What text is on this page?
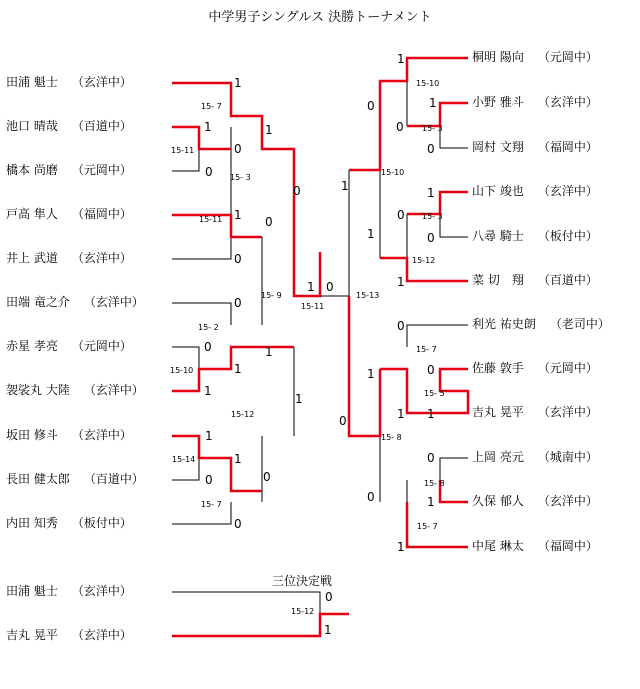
中学男子シングルス 決勝トーナメント
田浦 魁士 （玄洋中）
池口 晴哉 （百道中）
橋本 尚磨 （元岡中）
戸高 隼人 （福岡中）
井上 武道 （玄洋中）
田端 竜之介 （玄洋中）
赤星 孝亮 （元岡中）
袈裟丸 大陸 （玄洋中）
坂田 修斗 （玄洋中）
長田 健太郎 （百道中）
内田 知秀 （板付中）
桐明 陽向 （元岡中）
小野 雅斗 （玄洋中）
岡村 文翔 （福岡中）
山下 竣也 （玄洋中）
八尋 騎士 （板付中）
菜 切　翔 （百道中）
利光 祐史朗 （老司中）
佐藤 敦手 （元岡中）
吉丸 晃平 （玄洋中）
上岡 亮元 （城南中）
久保 郁人 （玄洋中）
中尾 琳太 （福岡中）
田浦 魁士 （玄洋中）
吉丸 晃平 （玄洋中）
1
1
0
0
1
1 0
0
0
0
0	1
1
1
1
1
1
0	0
0
1 0
1
0	1
0
0
1	1
0
1	0
1
0
1	0
1
0	1
0
0	1
1
0
1
15- 7
15-11
15- 3
15-11
15- 2
15-10
15-12
15-14
15- 7
15- 9
15-11
15-13
15-10
15- 3
15-10
15- 3
15-12
15- 7
15- 5
15- 8
15- 8
15- 7
15-12
三位決定戦
